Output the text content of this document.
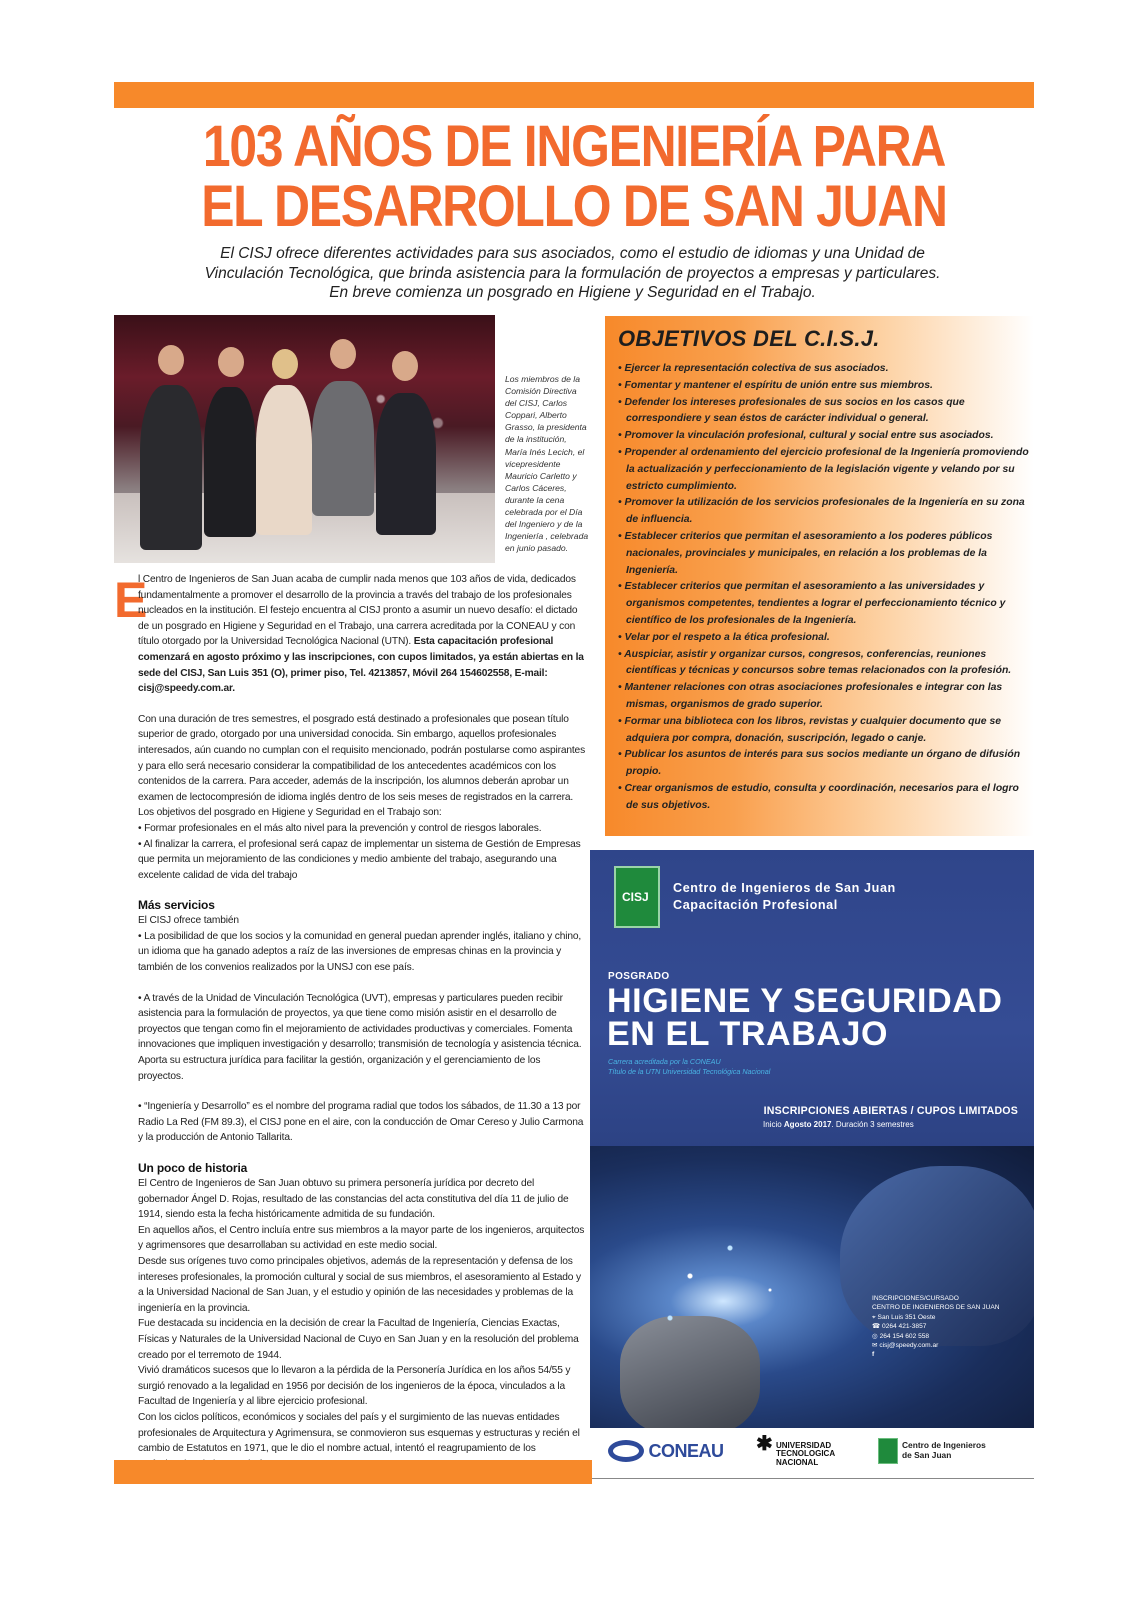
103 AÑOS DE INGENIERÍA PARA
EL DESARROLLO DE SAN JUAN

El CISJ ofrece diferentes actividades para sus asociados, como el estudio de idiomas y una Unidad de Vinculación Tecnológica, que brinda asistencia para la formulación de proyectos a empresas y particulares. En breve comienza un posgrado en Higiene y Seguridad en el Trabajo.

Los miembros de la Comisión Directiva del CISJ, Carlos Coppari, Alberto Grasso, la presidenta de la institución, María Inés Lecich, el vicepresidente Mauricio Carletto y Carlos Cáceres, durante la cena celebrada por el Día del Ingeniero y de la Ingeniería , celebrada en junio pasado.

E

l Centro de Ingenieros de San Juan acaba de cumplir nada menos que 103 años de vida, dedicados fundamentalmente a promover el desarrollo de la provincia a través del trabajo de los profesionales nucleados en la institución. El festejo encuentra al CISJ pronto a asumir un nuevo desafío: el dictado de un posgrado en Higiene y Seguridad en el Trabajo, una carrera acreditada por la CONEAU y con título otorgado por la Universidad Tecnológica Nacional (UTN). Esta capacitación profesional comenzará en agosto próximo y las inscripciones, con cupos limitados, ya están abiertas en la sede del CISJ, San Luis 351 (O), primer piso, Tel. 4213857, Móvil 264 154602558, E-mail: cisj@speedy.com.ar.

Con una duración de tres semestres, el posgrado está destinado a profesionales que posean título superior de grado, otorgado por una universidad conocida. Sin embargo, aquellos profesionales interesados, aún cuando no cumplan con el requisito mencionado, podrán postularse como aspirantes y para ello será necesario considerar la compatibilidad de los antecedentes académicos con los contenidos de la carrera. Para acceder, además de la inscripción, los alumnos deberán aprobar un examen de lectocompresión de idioma inglés dentro de los seis meses de registrados en la carrera.

Los objetivos del posgrado en Higiene y Seguridad en el Trabajo son:

• Formar profesionales en el más alto nivel para la prevención y control de riesgos laborales.

• Al finalizar la carrera, el profesional será capaz de implementar un sistema de Gestión de Empresas que permita un mejoramiento de las condiciones y medio ambiente del trabajo, asegurando una excelente calidad de vida del trabajo

Más servicios

El CISJ ofrece también

• La posibilidad de que los socios y la comunidad en general puedan aprender inglés, italiano y chino, un idioma que ha ganado adeptos a raíz de las inversiones de empresas chinas en la provincia y también de los convenios realizados por la UNSJ con ese país.

• A través de la Unidad de Vinculación Tecnológica (UVT), empresas y particulares pueden recibir asistencia para la formulación de proyectos, ya que tiene como misión asistir en el desarrollo de proyectos que tengan como fin el mejoramiento de actividades productivas y comerciales. Fomenta innovaciones que impliquen investigación y desarrollo; transmisión de tecnología y asistencia técnica. Aporta su estructura jurídica para facilitar la gestión, organización y el gerenciamiento de los proyectos.

• “Ingeniería y Desarrollo” es el nombre del programa radial que todos los sábados, de 11.30 a 13 por Radio La Red (FM 89.3), el CISJ pone en el aire, con la conducción de Omar Cereso y Julio Carmona y la producción de Antonio Tallarita.

Un poco de historia

El Centro de Ingenieros de San Juan obtuvo su primera personería jurídica por decreto del gobernador Ángel D. Rojas, resultado de las constancias del acta constitutiva del día 11 de julio de 1914, siendo esta la fecha históricamente admitida de su fundación.

En aquellos años, el Centro incluía entre sus miembros a la mayor parte de los ingenieros, arquitectos y agrimensores que desarrollaban su actividad en este medio social.

Desde sus orígenes tuvo como principales objetivos, además de la representación y defensa de los intereses profesionales, la promoción cultural y social de sus miembros, el asesoramiento al Estado y a la Universidad Nacional de San Juan, y el estudio y opinión de las necesidades y problemas de la ingeniería en la provincia.

Fue destacada su incidencia en la decisión de crear la Facultad de Ingeniería, Ciencias Exactas, Físicas y Naturales de la Universidad Nacional de Cuyo en San Juan y en la resolución del problema creado por el terremoto de 1944.

Vivió dramáticos sucesos que lo llevaron a la pérdida de la Personería Jurídica en los años 54/55 y surgió renovado a la legalidad en 1956 por decisión de los ingenieros de la época, vinculados a la Facultad de Ingeniería y al libre ejercicio profesional.

Con los ciclos políticos, económicos y sociales del país y el surgimiento de las nuevas entidades profesionales de Arquitectura y Agrimensura, se conmovieron sus esquemas y estructuras y recién el cambio de Estatutos en 1971, que le dio el nombre actual, intentó el reagrupamiento de los

OBJETIVOS DEL C.I.S.J.
• Ejercer la representación colectiva de sus asociados.
• Fomentar y mantener el espíritu de unión entre sus miembros.
• Defender los intereses profesionales de sus socios en los casos que correspondiere y sean éstos de carácter individual o general.
• Promover la vinculación profesional, cultural y social entre sus asociados.
• Propender al ordenamiento del ejercicio profesional de la Ingeniería promoviendo la actualización y perfeccionamiento de la legislación vigente y velando por su estricto cumplimiento.
• Promover la utilización de los servicios profesionales de la Ingeniería en su zona de influencia.
• Establecer criterios que permitan el asesoramiento a los poderes públicos nacionales, provinciales y municipales, en relación a los problemas de la Ingeniería.
• Establecer criterios que permitan el asesoramiento a las universidades y organismos competentes, tendientes a lograr el perfeccionamiento técnico y científico de los profesionales de la Ingeniería.
• Velar por el respeto a la ética profesional.
• Auspiciar, asistir y organizar cursos, congresos, conferencias, reuniones científicas y técnicas y concursos sobre temas relacionados con la profesión.
• Mantener relaciones con otras asociaciones profesionales e integrar con las mismas, organismos de grado superior.
• Formar una biblioteca con los libros, revistas y cualquier documento que se adquiera por compra, donación, suscripción, legado o canje.
• Publicar los asuntos de interés para sus socios mediante un órgano de difusión propio.
• Crear organismos de estudio, consulta y coordinación, necesarios para el logro de sus objetivos.
CISJ
Centro de Ingenieros de San Juan
Capacitación Profesional
POSGRADO
HIGIENE Y SEGURIDAD
EN EL TRABAJO
Carrera acreditada por la CONEAU
Título de la UTN Universidad Tecnológica Nacional
INSCRIPCIONES ABIERTAS / CUPOS LIMITADOS
Inicio Agosto 2017. Duración 3 semestres
INSCRIPCIONES/CURSADO
CENTRO DE INGENIEROS DE SAN JUAN
⌖ San Luis 351 Oeste
☎ 0264 421-3857
◎ 264 154 602 558
✉ cisj@speedy.com.ar
f
CONEAU ✱ UNIVERSIDAD
TECNOLOGICA
NACIONAL
Centro de Ingenieros
de San Juan
